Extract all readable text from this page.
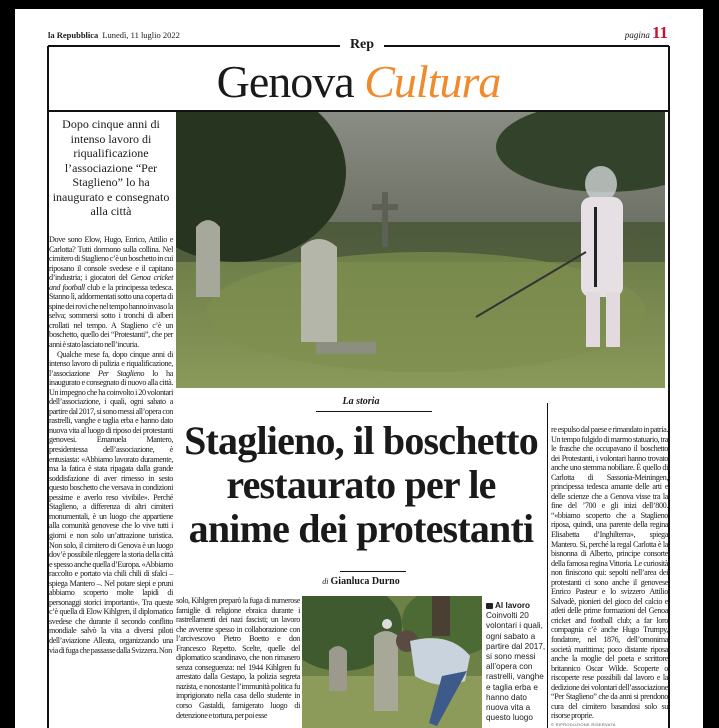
la Repubblica Lunedì, 11 luglio 2022	pagina 11
Rep
Genova Cultura
Dopo cinque anni di intenso lavoro di riqualificazione l’associazione “Per Staglieno” lo ha inaugurato e consegnato alla città

Dove sono Elow, Hugo, Enrico, Attilio e Carlotta? Tutti dormono sulla collina. Nel cimitero di Staglieno c’è un boschetto in cui riposano il console svedese e il capitano d’industria; i giocatori del Genoa cricket and football club e la principessa tedesca. Stanno lì, addormentati sotto una coperta di spine dei rovi che nel tempo hanno invaso la selva; sommersi sotto i tronchi di alberi crollati nel tempo. A Staglieno c’è un boschetto, quello dei “Protestanti”, che per anni è stato lasciato nell’incuria.

Qualche mese fa, dopo cinque anni di intenso lavoro di pulizia e riqualificazione, l’associazione Per Staglieno lo ha inaugurato e consegnato di nuovo alla città. Un impegno che ha coinvolto i 20 volontari dell’associazione, i quali, ogni sabato a partire dal 2017, si sono messi all’opera con rastrelli, vanghe e taglia erba e hanno dato nuova vita al luogo di riposo dei protestanti genovesi. Emanuela Mantero, presidentessa dell’associazione, è entusiasta: «Abbiamo lavorato duramente, ma la fatica è stata ripagata dalla grande soddisfazione di aver rimesso in sesto questo boschetto che versava in condizioni pessime e averlo reso vivibile». Perché Staglieno, a differenza di altri cimiteri monumentali, è un luogo che appartiene alla comunità genovese che lo vive tutti i giorni e non solo un’attrazione turistica. Non solo, il cimitero di Genova è un luogo dov’è possibile rileggere la storia della città e spesso anche quella d’Europa. «Abbiamo raccolto e portato via chili chili di sfalci – spiega Mantero –. Nel potare siepi e pruni abbiamo scoperto molte lapidi di personaggi storici importanti». Tra queste c’è quella di Elow Kihlgren, il diplomatico svedese che durante il secondo conflitto mondiale salvò la vita a diversi piloti dell’aviazione Alleata, organizzando una via di fuga che passasse dalla Svizzera. Non

La storia
Staglieno, il boschetto restaurato per le anime dei protestanti
di Gianluca Durno

re espulso dal paese e rimandato in patria. Un tempo fulgido di marmo statuario, tra le frasche che occupavano il boschetto dei Protestanti, i volontari hanno trovato anche uno stemma nobiliare. È quello di Carlotta di Sassonia-Meiningen, principessa tedesca amante delle arti e delle scienze che a Genova visse tra la fine del ’700 e gli inizi dell’800. “«bbiamo scoperto che a Staglieno riposa, quindi, una parente della regina Elisabetta d’Inghilterra», spiega Mantero. Sì, perché la regal Carlotta è la bisnonna di Alberto, principe consorte della famosa regina Vittoria. Le curiosità non finiscono qui: sepolti nell’area dei protestanti ci sono anche il genovese Enrico Pasteur e lo svizzero Attilio Salvadè, pionieri del gioco del calcio e atleti delle prime formazioni del Genoa cricket and football club; a far loro compagnia c’è anche Hugo Trumpy, fondatore, nel 1876, dell’omonima società marittima; poco distante riposa anche la moglie del poeta e scrittore britannico Oscar Wilde. Scoperte o riscoperte rese possibili dal lavoro e la dedizione dei volontari dell’associazione “Per Staglieno” che da anni si prendono cura del cimitero basandosi solo su risorse proprie.

solo, Kihlgren preparò la fuga di numerose famiglie di religione ebraica durante i rastrellamenti dei nazi fascisti; un lavoro che avvenne spesso in collaborazione con l’arcivescovo Pietro Boetto e don Francesco Repetto. Scelte, quelle del diplomatico scandinavo, che non rimasero senza conseguenza: nel 1944 Kihlgren fu arrestato dalla Gestapo, la polizia segreta nazista, e nonostante l’immunità politica fu imprigionato nella casa dello studente in corso Gastaldi, famigerato luogo di detenzione e tortura, per poi esse

Al lavoro
Coinvolti 20 volontari i quali, ogni sabato a partire dal 2017, si sono messi all’opera con rastrelli, vanghe e taglia erba e hanno dato nuova vita a questo luogo
© RIPRODUZIONE RISERVATA
